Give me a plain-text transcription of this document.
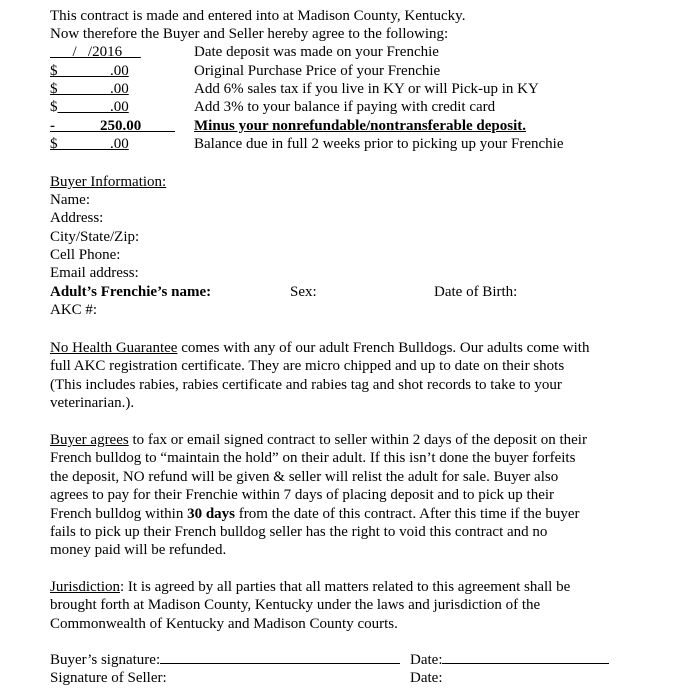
This contract is made and entered into at Madison County, Kentucky.
Now therefore the Buyer and Seller hereby agree to the following:
/   /2016	Date deposit was made on your Frenchie
$	.00	Original Purchase Price of your Frenchie
$	.00	Add 6% sales tax if you live in KY or will Pick-up in KY
$	.00	Add 3% to your balance if paying with credit card
-            250.00 Minus your nonrefundable/nontransferable deposit.
$	.00	Balance due in full 2 weeks prior to picking up your Frenchie
Buyer Information:
Name:
Address:
City/State/Zip:
Cell Phone:
Email address:
Adult’s Frenchie’s name:	Sex:	Date of Birth:
AKC #:
No Health Guarantee comes with any of our adult French Bulldogs. Our adults come with
full AKC registration certificate. They are micro chipped and up to date on their shots
(This includes rabies, rabies certificate and rabies tag and shot records to take to your
veterinarian.).
Buyer agrees to fax or email signed contract to seller within 2 days of the deposit on their
French bulldog to “maintain the hold” on their adult. If this isn’t done the buyer forfeits
the deposit, NO refund will be given & seller will relist the adult for sale. Buyer also
agrees to pay for their Frenchie within 7 days of placing deposit and to pick up their
French bulldog within 30 days from the date of this contract. After this time if the buyer
fails to pick up their French bulldog seller has the right to void this contract and no
money paid will be refunded.
Jurisdiction: It is agreed by all parties that all matters related to this agreement shall be
brought forth at Madison County, Kentucky under the laws and jurisdiction of the
Commonwealth of Kentucky and Madison County courts.
Buyer’s signature:	Date:
Signature of Seller:	Date:
